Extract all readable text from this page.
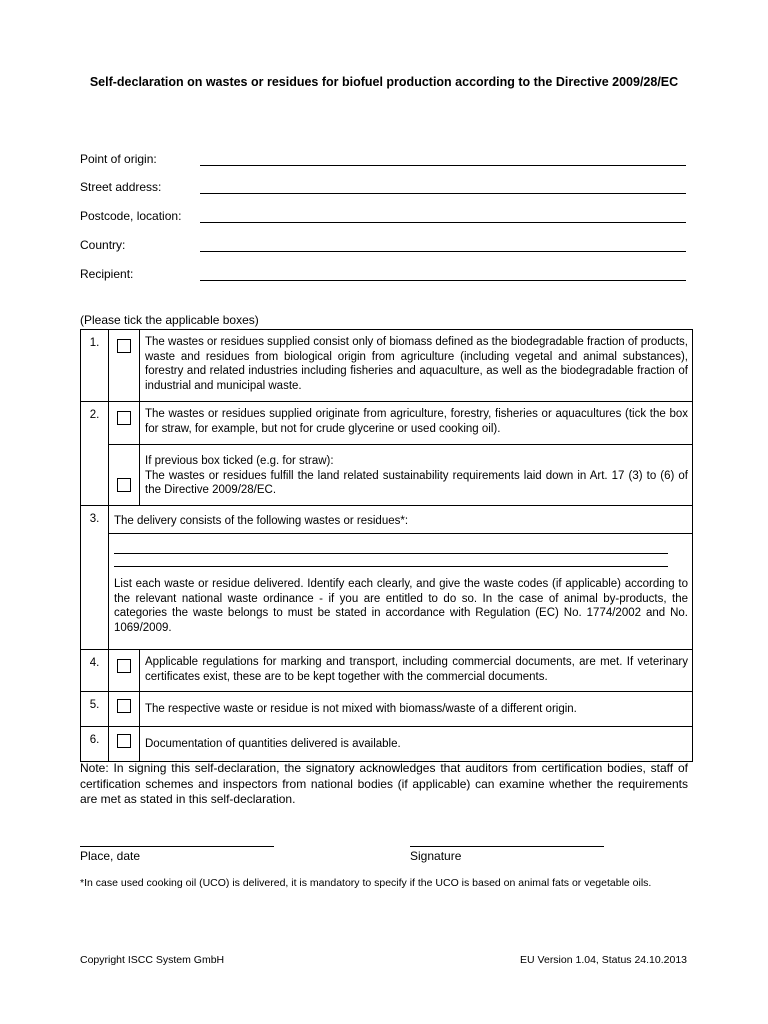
Self-declaration on wastes or residues for biofuel production according to the Directive 2009/28/EC
Point of origin:
Street address:
Postcode, location:
Country:
Recipient:
(Please tick the applicable boxes)
1.		The wastes or residues supplied consist only of biomass defined as the biodegradable fraction of products, waste and residues from biological origin from agriculture (including vegetal and animal substances), forestry and related industries including fisheries and aquaculture, as well as the biodegradable fraction of industrial and municipal waste.
2.		The wastes or residues supplied originate from agriculture, forestry, fisheries or aquacultures (tick the box for straw, for example, but not for crude glycerine or used cooking oil).

		If previous box ticked (e.g. for straw):
The wastes or residues fulfill the land related sustainability requirements laid down in Art. 17 (3) to (6) of the Directive 2009/28/EC.

3.	The delivery consists of the following wastes or residues*:	

	List each waste or residue delivered. Identify each clearly, and give the waste codes (if applicable) according to the relevant national waste ordinance - if you are entitled to do so. In the case of animal by-products, the categories the waste belongs to must be stated in accordance with Regulation (EC) No. 1774/2002 and No. 1069/2009.	

4.		Applicable regulations for marking and transport, including commercial documents, are met. If veterinary certificates exist, these are to be kept together with the commercial documents.
5.		The respective waste or residue is not mixed with biomass/waste of a different origin.
6.		Documentation of quantities delivered is available.
Note: In signing this self-declaration, the signatory acknowledges that auditors from certification bodies, staff of certification schemes and inspectors from national bodies (if applicable) can examine whether the requirements are met as stated in this self-declaration.
Place, date	Signature
*In case used cooking oil (UCO) is delivered, it is mandatory to specify if the UCO is based on animal fats or vegetable oils.
Copyright ISCC System GmbH	EU Version 1.04, Status 24.10.2013
